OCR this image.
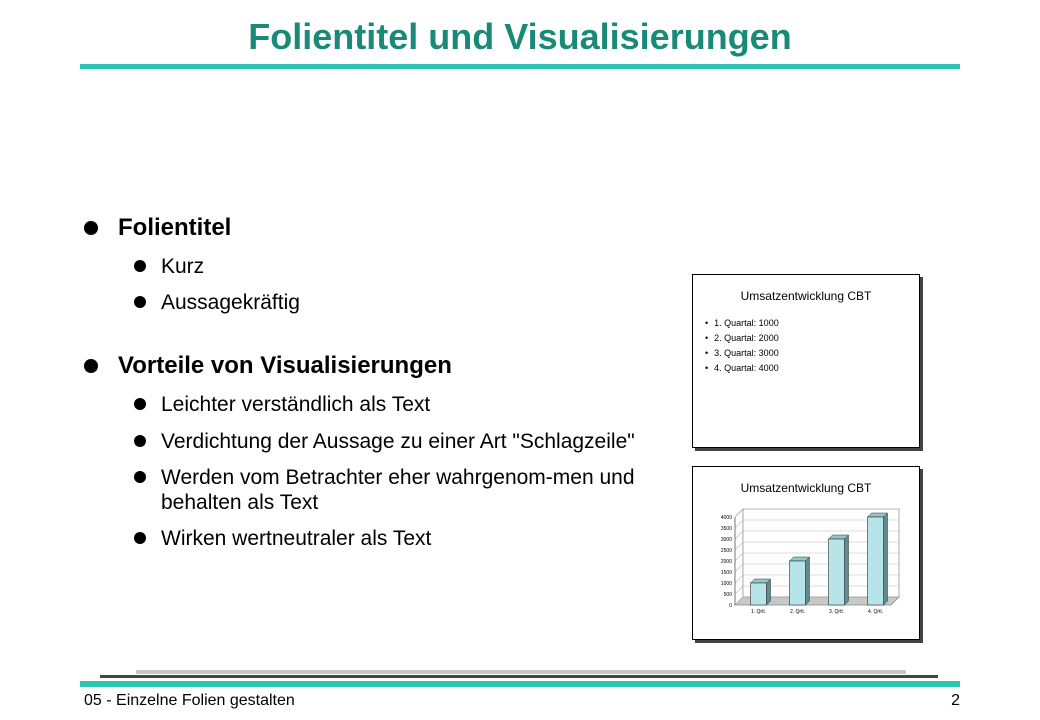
Folientitel und Visualisierungen
Folientitel
Kurz
Aussagekräftig
Vorteile von Visualisierungen
Leichter verständlich als Text
Verdichtung der Aussage zu einer Art "Schlagzeile"
Werden vom Betrachter eher wahrgenom-men und behalten als Text
Wirken wertneutraler als Text
Umsatzentwicklung CBT
• 1. Quartal: 1000
• 2. Quartal: 2000
• 3. Quartal: 3000
• 4. Quartal: 4000
Umsatzentwicklung CBT
0
500
1000
1500
2000
2500
3000
3500
4000
1. Qrtl.	2. Qrtl.	3. Qrtl.	4. Qrtl.
05 - Einzelne Folien gestalten	2
